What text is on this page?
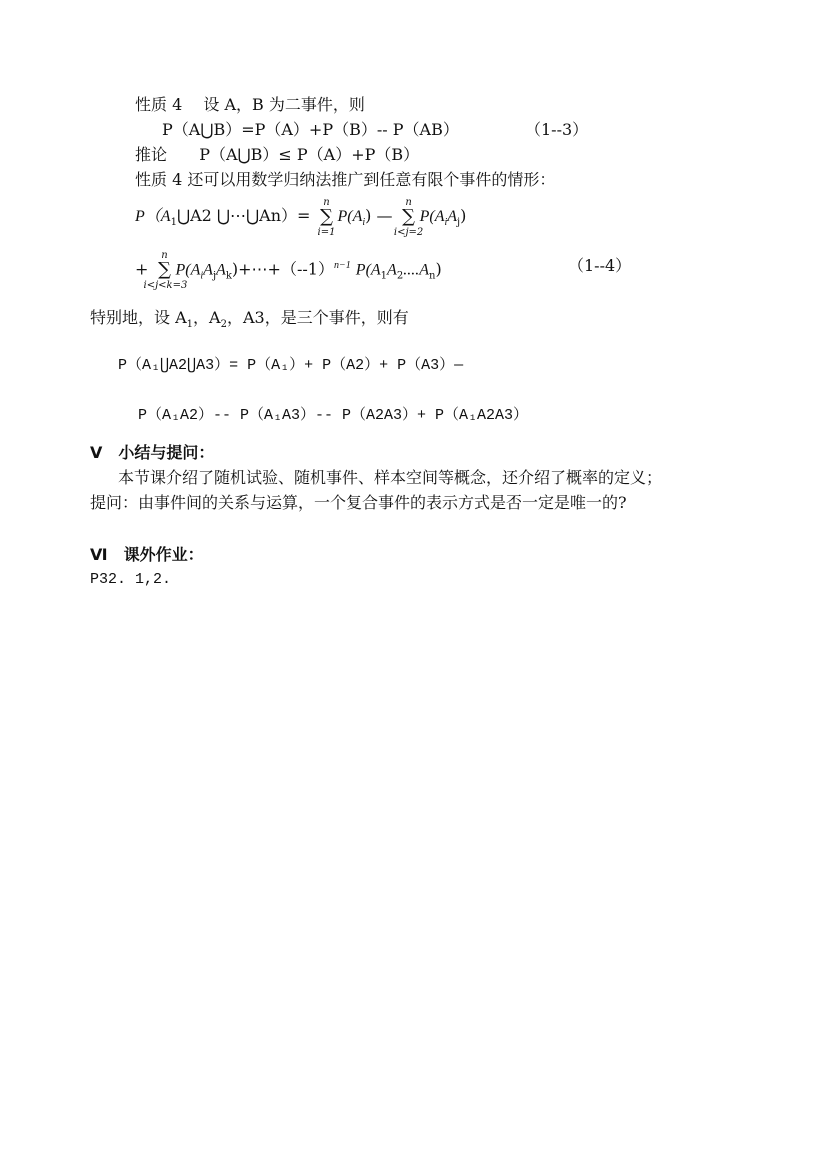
性质 4　 设 A，B 为二事件，则
P（A⋃B）=P（A）+P（B）-- P（AB）	（1--3）
推论 P（A⋃B）≤ P（A）+P（B）
性质 4 还可以用数学归纳法推广到任意有限个事件的情形：
$P(A_1⋃A2$ ⋃⋯⋃An）=
n
∑
i=1
$P(A_i)$ —
n
∑
i<j=2
$P(A_iA_j)$
+
n
∑
i<j<k=3
$P(A_iA_jA_k)+\cdots+(--1)^{n-1}$ $P(A_1A_2....A_n)$	（1--4）
特别地，设 $A_1$，$A_2$，A3，是三个事件，则有
P（A₁⋃A2⋃A3）= P（A₁）+ P（A2）+ P（A3）—
P（A₁A2）-- P（A₁A3）-- P（A2A3）+ P（A₁A2A3）
Ⅴ　小结与提问：
本节课介绍了随机试验、随机事件、样本空间等概念，还介绍了概率的定义；
提问：由事件间的关系与运算，一个复合事件的表示方式是否一定是唯一的?
Ⅵ　课外作业：
P32. 1,2.
